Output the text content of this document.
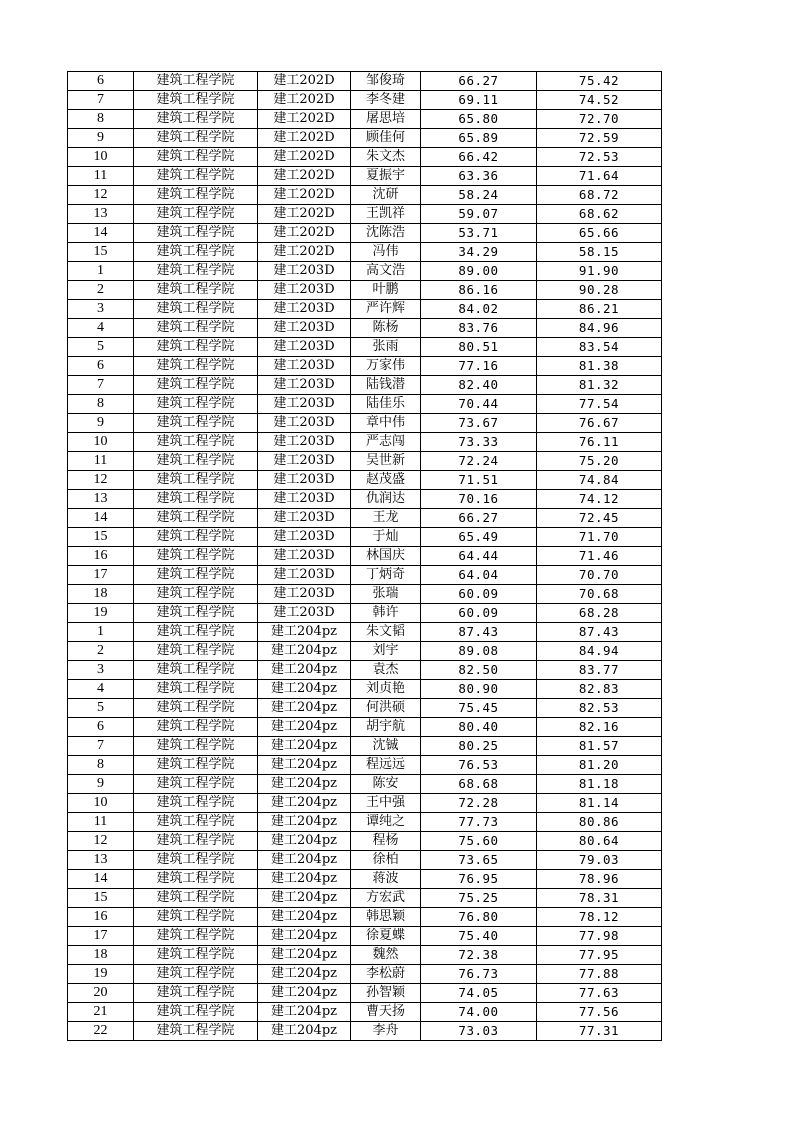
6	建筑工程学院	建工202D	邹俊琦	66.27	75.42
7	建筑工程学院	建工202D	李冬建	69.11	74.52
8	建筑工程学院	建工202D	屠思培	65.80	72.70
9	建筑工程学院	建工202D	顾佳何	65.89	72.59
10	建筑工程学院	建工202D	朱文杰	66.42	72.53
11	建筑工程学院	建工202D	夏振宇	63.36	71.64
12	建筑工程学院	建工202D	沈研	58.24	68.72
13	建筑工程学院	建工202D	王凯祥	59.07	68.62
14	建筑工程学院	建工202D	沈陈浩	53.71	65.66
15	建筑工程学院	建工202D	冯伟	34.29	58.15
1	建筑工程学院	建工203D	高文浩	89.00	91.90
2	建筑工程学院	建工203D	叶鹏	86.16	90.28
3	建筑工程学院	建工203D	严许辉	84.02	86.21
4	建筑工程学院	建工203D	陈杨	83.76	84.96
5	建筑工程学院	建工203D	张雨	80.51	83.54
6	建筑工程学院	建工203D	万家伟	77.16	81.38
7	建筑工程学院	建工203D	陆钱潜	82.40	81.32
8	建筑工程学院	建工203D	陆佳乐	70.44	77.54
9	建筑工程学院	建工203D	章中伟	73.67	76.67
10	建筑工程学院	建工203D	严志闯	73.33	76.11
11	建筑工程学院	建工203D	吴世新	72.24	75.20
12	建筑工程学院	建工203D	赵茂盛	71.51	74.84
13	建筑工程学院	建工203D	仇润达	70.16	74.12
14	建筑工程学院	建工203D	王龙	66.27	72.45
15	建筑工程学院	建工203D	于灿	65.49	71.70
16	建筑工程学院	建工203D	林国庆	64.44	71.46
17	建筑工程学院	建工203D	丁炳奇	64.04	70.70
18	建筑工程学院	建工203D	张瑞	60.09	70.68
19	建筑工程学院	建工203D	韩许	60.09	68.28
1	建筑工程学院	建工204pz	朱文韬	87.43	87.43
2	建筑工程学院	建工204pz	刘宇	89.08	84.94
3	建筑工程学院	建工204pz	袁杰	82.50	83.77
4	建筑工程学院	建工204pz	刘贞艳	80.90	82.83
5	建筑工程学院	建工204pz	何洪硕	75.45	82.53
6	建筑工程学院	建工204pz	胡宇航	80.40	82.16
7	建筑工程学院	建工204pz	沈铖	80.25	81.57
8	建筑工程学院	建工204pz	程远远	76.53	81.20
9	建筑工程学院	建工204pz	陈安	68.68	81.18
10	建筑工程学院	建工204pz	王中强	72.28	81.14
11	建筑工程学院	建工204pz	谭纯之	77.73	80.86
12	建筑工程学院	建工204pz	程杨	75.60	80.64
13	建筑工程学院	建工204pz	徐柏	73.65	79.03
14	建筑工程学院	建工204pz	蒋波	76.95	78.96
15	建筑工程学院	建工204pz	方宏武	75.25	78.31
16	建筑工程学院	建工204pz	韩思颖	76.80	78.12
17	建筑工程学院	建工204pz	徐夏蝶	75.40	77.98
18	建筑工程学院	建工204pz	魏然	72.38	77.95
19	建筑工程学院	建工204pz	李松蔚	76.73	77.88
20	建筑工程学院	建工204pz	孙智颖	74.05	77.63
21	建筑工程学院	建工204pz	曹天扬	74.00	77.56
22	建筑工程学院	建工204pz	李舟	73.03	77.31
